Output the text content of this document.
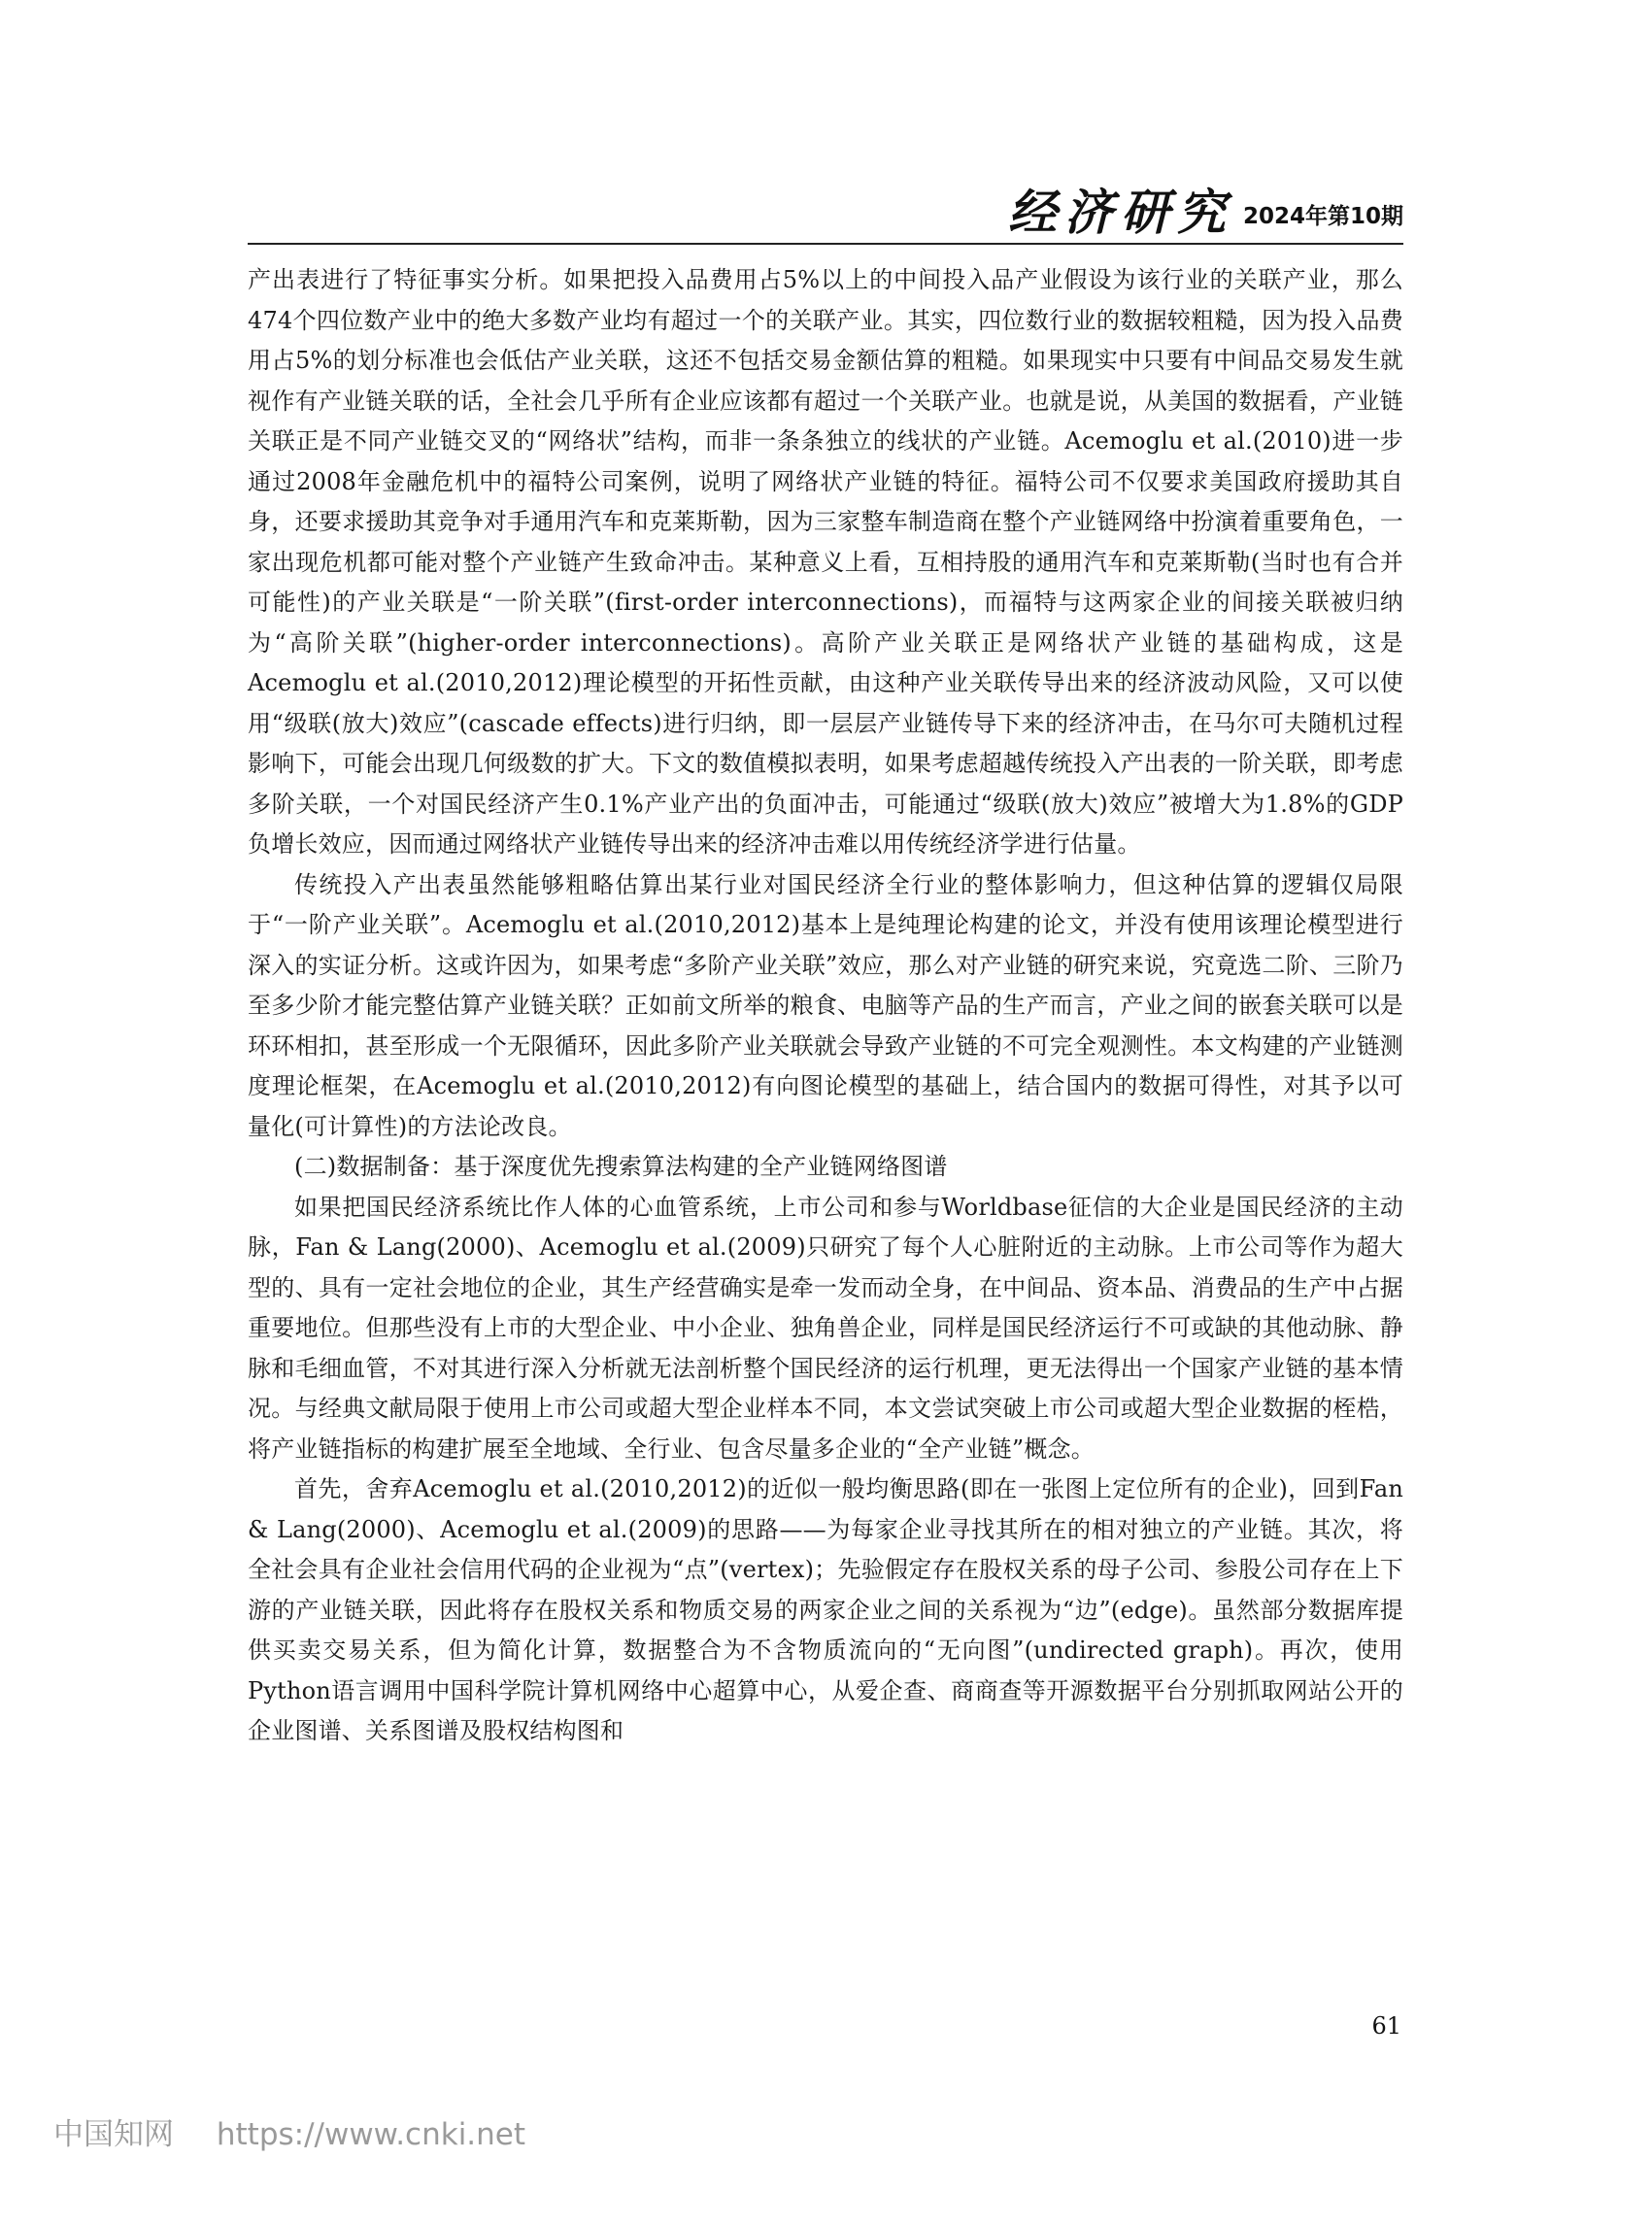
经济研究 2024年第10期

产出表进行了特征事实分析。如果把投入品费用占5%以上的中间投入品产业假设为该行业的关联产业，那么474个四位数产业中的绝大多数产业均有超过一个的关联产业。其实，四位数行业的数据较粗糙，因为投入品费用占5%的划分标准也会低估产业关联，这还不包括交易金额估算的粗糙。如果现实中只要有中间品交易发生就视作有产业链关联的话，全社会几乎所有企业应该都有超过一个关联产业。也就是说，从美国的数据看，产业链关联正是不同产业链交叉的“网络状”结构，而非一条条独立的线状的产业链。Acemoglu et al.(2010)进一步通过2008年金融危机中的福特公司案例，说明了网络状产业链的特征。福特公司不仅要求美国政府援助其自身，还要求援助其竞争对手通用汽车和克莱斯勒，因为三家整车制造商在整个产业链网络中扮演着重要角色，一家出现危机都可能对整个产业链产生致命冲击。某种意义上看，互相持股的通用汽车和克莱斯勒(当时也有合并可能性)的产业关联是“一阶关联”(first-order interconnections)，而福特与这两家企业的间接关联被归纳为“高阶关联”(higher-order interconnections)。高阶产业关联正是网络状产业链的基础构成，这是Acemoglu et al.(2010,2012)理论模型的开拓性贡献，由这种产业关联传导出来的经济波动风险，又可以使用“级联(放大)效应”(cascade effects)进行归纳，即一层层产业链传导下来的经济冲击，在马尔可夫随机过程影响下，可能会出现几何级数的扩大。下文的数值模拟表明，如果考虑超越传统投入产出表的一阶关联，即考虑多阶关联，一个对国民经济产生0.1%产业产出的负面冲击，可能通过“级联(放大)效应”被增大为1.8%的GDP负增长效应，因而通过网络状产业链传导出来的经济冲击难以用传统经济学进行估量。

传统投入产出表虽然能够粗略估算出某行业对国民经济全行业的整体影响力，但这种估算的逻辑仅局限于“一阶产业关联”。Acemoglu et al.(2010,2012)基本上是纯理论构建的论文，并没有使用该理论模型进行深入的实证分析。这或许因为，如果考虑“多阶产业关联”效应，那么对产业链的研究来说，究竟选二阶、三阶乃至多少阶才能完整估算产业链关联？正如前文所举的粮食、电脑等产品的生产而言，产业之间的嵌套关联可以是环环相扣，甚至形成一个无限循环，因此多阶产业关联就会导致产业链的不可完全观测性。本文构建的产业链测度理论框架，在Acemoglu et al.(2010,2012)有向图论模型的基础上，结合国内的数据可得性，对其予以可量化(可计算性)的方法论改良。

(二)数据制备：基于深度优先搜索算法构建的全产业链网络图谱

如果把国民经济系统比作人体的心血管系统，上市公司和参与Worldbase征信的大企业是国民经济的主动脉，Fan & Lang(2000)、Acemoglu et al.(2009)只研究了每个人心脏附近的主动脉。上市公司等作为超大型的、具有一定社会地位的企业，其生产经营确实是牵一发而动全身，在中间品、资本品、消费品的生产中占据重要地位。但那些没有上市的大型企业、中小企业、独角兽企业，同样是国民经济运行不可或缺的其他动脉、静脉和毛细血管，不对其进行深入分析就无法剖析整个国民经济的运行机理，更无法得出一个国家产业链的基本情况。与经典文献局限于使用上市公司或超大型企业样本不同，本文尝试突破上市公司或超大型企业数据的桎梏，将产业链指标的构建扩展至全地域、全行业、包含尽量多企业的“全产业链”概念。

首先，舍弃Acemoglu et al.(2010,2012)的近似一般均衡思路(即在一张图上定位所有的企业)，回到Fan & Lang(2000)、Acemoglu et al.(2009)的思路——为每家企业寻找其所在的相对独立的产业链。其次，将全社会具有企业社会信用代码的企业视为“点”(vertex)；先验假定存在股权关系的母子公司、参股公司存在上下游的产业链关联，因此将存在股权关系和物质交易的两家企业之间的关系视为“边”(edge)。虽然部分数据库提供买卖交易关系，但为简化计算，数据整合为不含物质流向的“无向图”(undirected graph)。再次，使用Python语言调用中国科学院计算机网络中心超算中心，从爱企查、商商查等开源数据平台分别抓取网站公开的企业图谱、关系图谱及股权结构图和

61
中国知网 https://www.cnki.net
